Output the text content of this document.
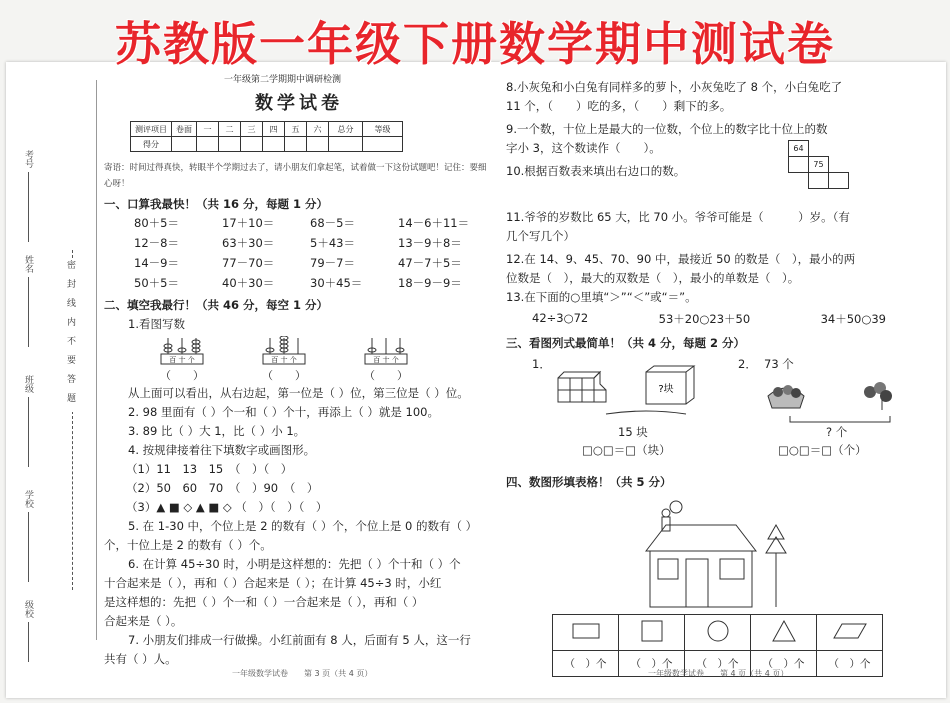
苏教版一年级下册数学期中测试卷
考号
姓名
班级
学校
级校
密封线内不要答题
一年级第二学期期中调研检测
数学试卷
测评项目	卷面	一	二	三	四	五	六	总分	等级
得分									
寄语：时间过得真快，转眼半个学期过去了，请小朋友们拿起笔，试着做一下这份试题吧！记住：要细心呀！
一、口算我最快！（共 16 分，每题 1 分）
80＋5＝	17＋10＝	68－5＝	14－6＋11＝
12－8＝	63＋30＝	5＋43＝	13－9＋8＝
14－9＝	77－70＝	79－7＝	47－7＋5＝
50＋5＝	40＋30＝	30＋45＝	18－9－9＝
二、填空我最行！（共 46 分，每空 1 分）
1.看图写数
百 十 个
（　　）
百 十 个
（　　）
百 十 个
（　　）
从上面可以看出，从右边起，第一位是（ ）位，第三位是（ ）位。
2. 98 里面有（ ）个一和（ ）个十，再添上（ ）就是 100。
3. 89 比（ ）大 1，比（ ）小 1。
4. 按规律接着往下填数字或画图形。
（1）11　13　15　（　）（　）
（2）50　60　70　（　）90　（　）
（3）▲ ■ ◇ ▲ ■ ◇ （　）（　）（　）
5. 在 1-30 中，个位上是 2 的数有（ ）个，个位上是 0 的数有（ ）
个，十位上是 2 的数有（ ）个。
6. 在计算 45÷30 时，小明是这样想的：先把（ ）个十和（ ）个
十合起来是（ ），再和（ ）合起来是（ ）；在计算 45÷3 时，小红
是这样想的：先把（ ）个一和（ ）一合起来是（ ），再和（ ）
合起来是（ ）。
7. 小朋友们排成一行做操。小红前面有 8 人，后面有 5 人，这一行
共有（ ）人。
8.小灰兔和小白兔有同样多的萝卜，小灰兔吃了 8 个，小白兔吃了
11 个，（　　）吃的多，（　　）剩下的多。
9.一个数，十位上是最大的一位数，个位上的数字比十位上的数
字小 3，这个数读作（　　）。
10.根据百数表来填出右边口的数。
11.爷爷的岁数比 65 大，比 70 小。爷爷可能是（　　　）岁。（有
几个写几个）
12.在 14、9、45、70、90 中，最接近 50 的数是（　），最小的两
位数是（　），最大的双数是（　），最小的单数是（　）。
13.在下面的○里填“＞”“＜”或“＝”。
42÷3○72	53＋20○23＋50	34＋50○39
三、看图列式最简单！（共 4 分，每题 2 分）
1．
?块
15 块
□○□＝□（块）
2． 73 个
? 个
□○□＝□（个）
四、数图形填表格！（共 5 分）

（　）个	（　）个	（　）个	（　）个	（　）个
64		
	75	

一年级数学试卷　　第 3 页（共 4 页）	一年级数学试卷　　第 4 页（共 4 页）
